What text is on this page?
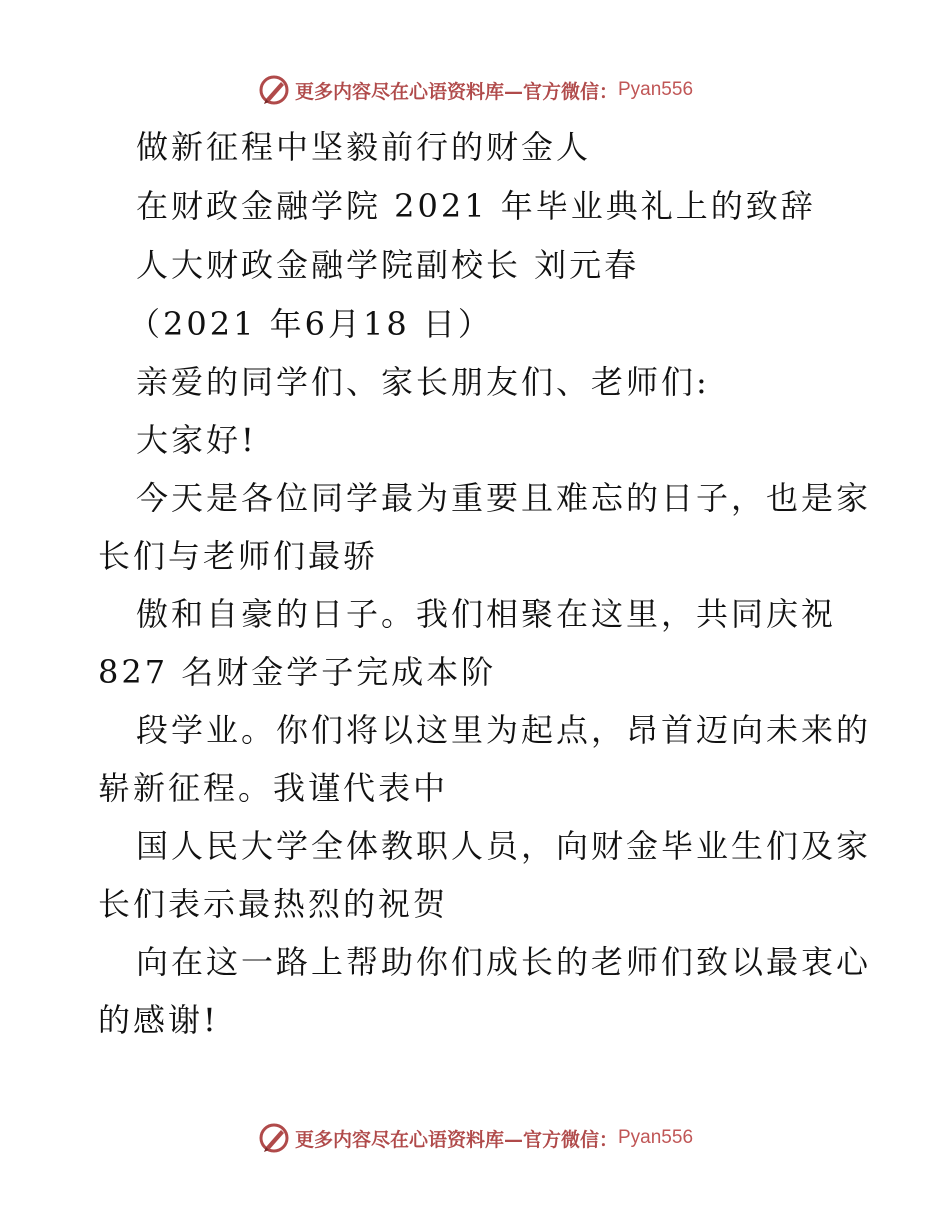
更多内容尽在心语资料库—官方微信： Pyan556
做新征程中坚毅前行的财金人
在财政金融学院 2021 年毕业典礼上的致辞
人大财政金融学院副校长 刘元春
（2021 年6月18 日）
亲爱的同学们、家长朋友们、老师们:
大家好!
今天是各位同学最为重要且难忘的日子，也是家
长们与老师们最骄
傲和自豪的日子。我们相聚在这里，共同庆祝
827 名财金学子完成本阶
段学业。你们将以这里为起点，昂首迈向未来的
崭新征程。我谨代表中
国人民大学全体教职人员，向财金毕业生们及家
长们表示最热烈的祝贺
向在这一路上帮助你们成长的老师们致以最衷心
的感谢!
更多内容尽在心语资料库—官方微信： Pyan556
